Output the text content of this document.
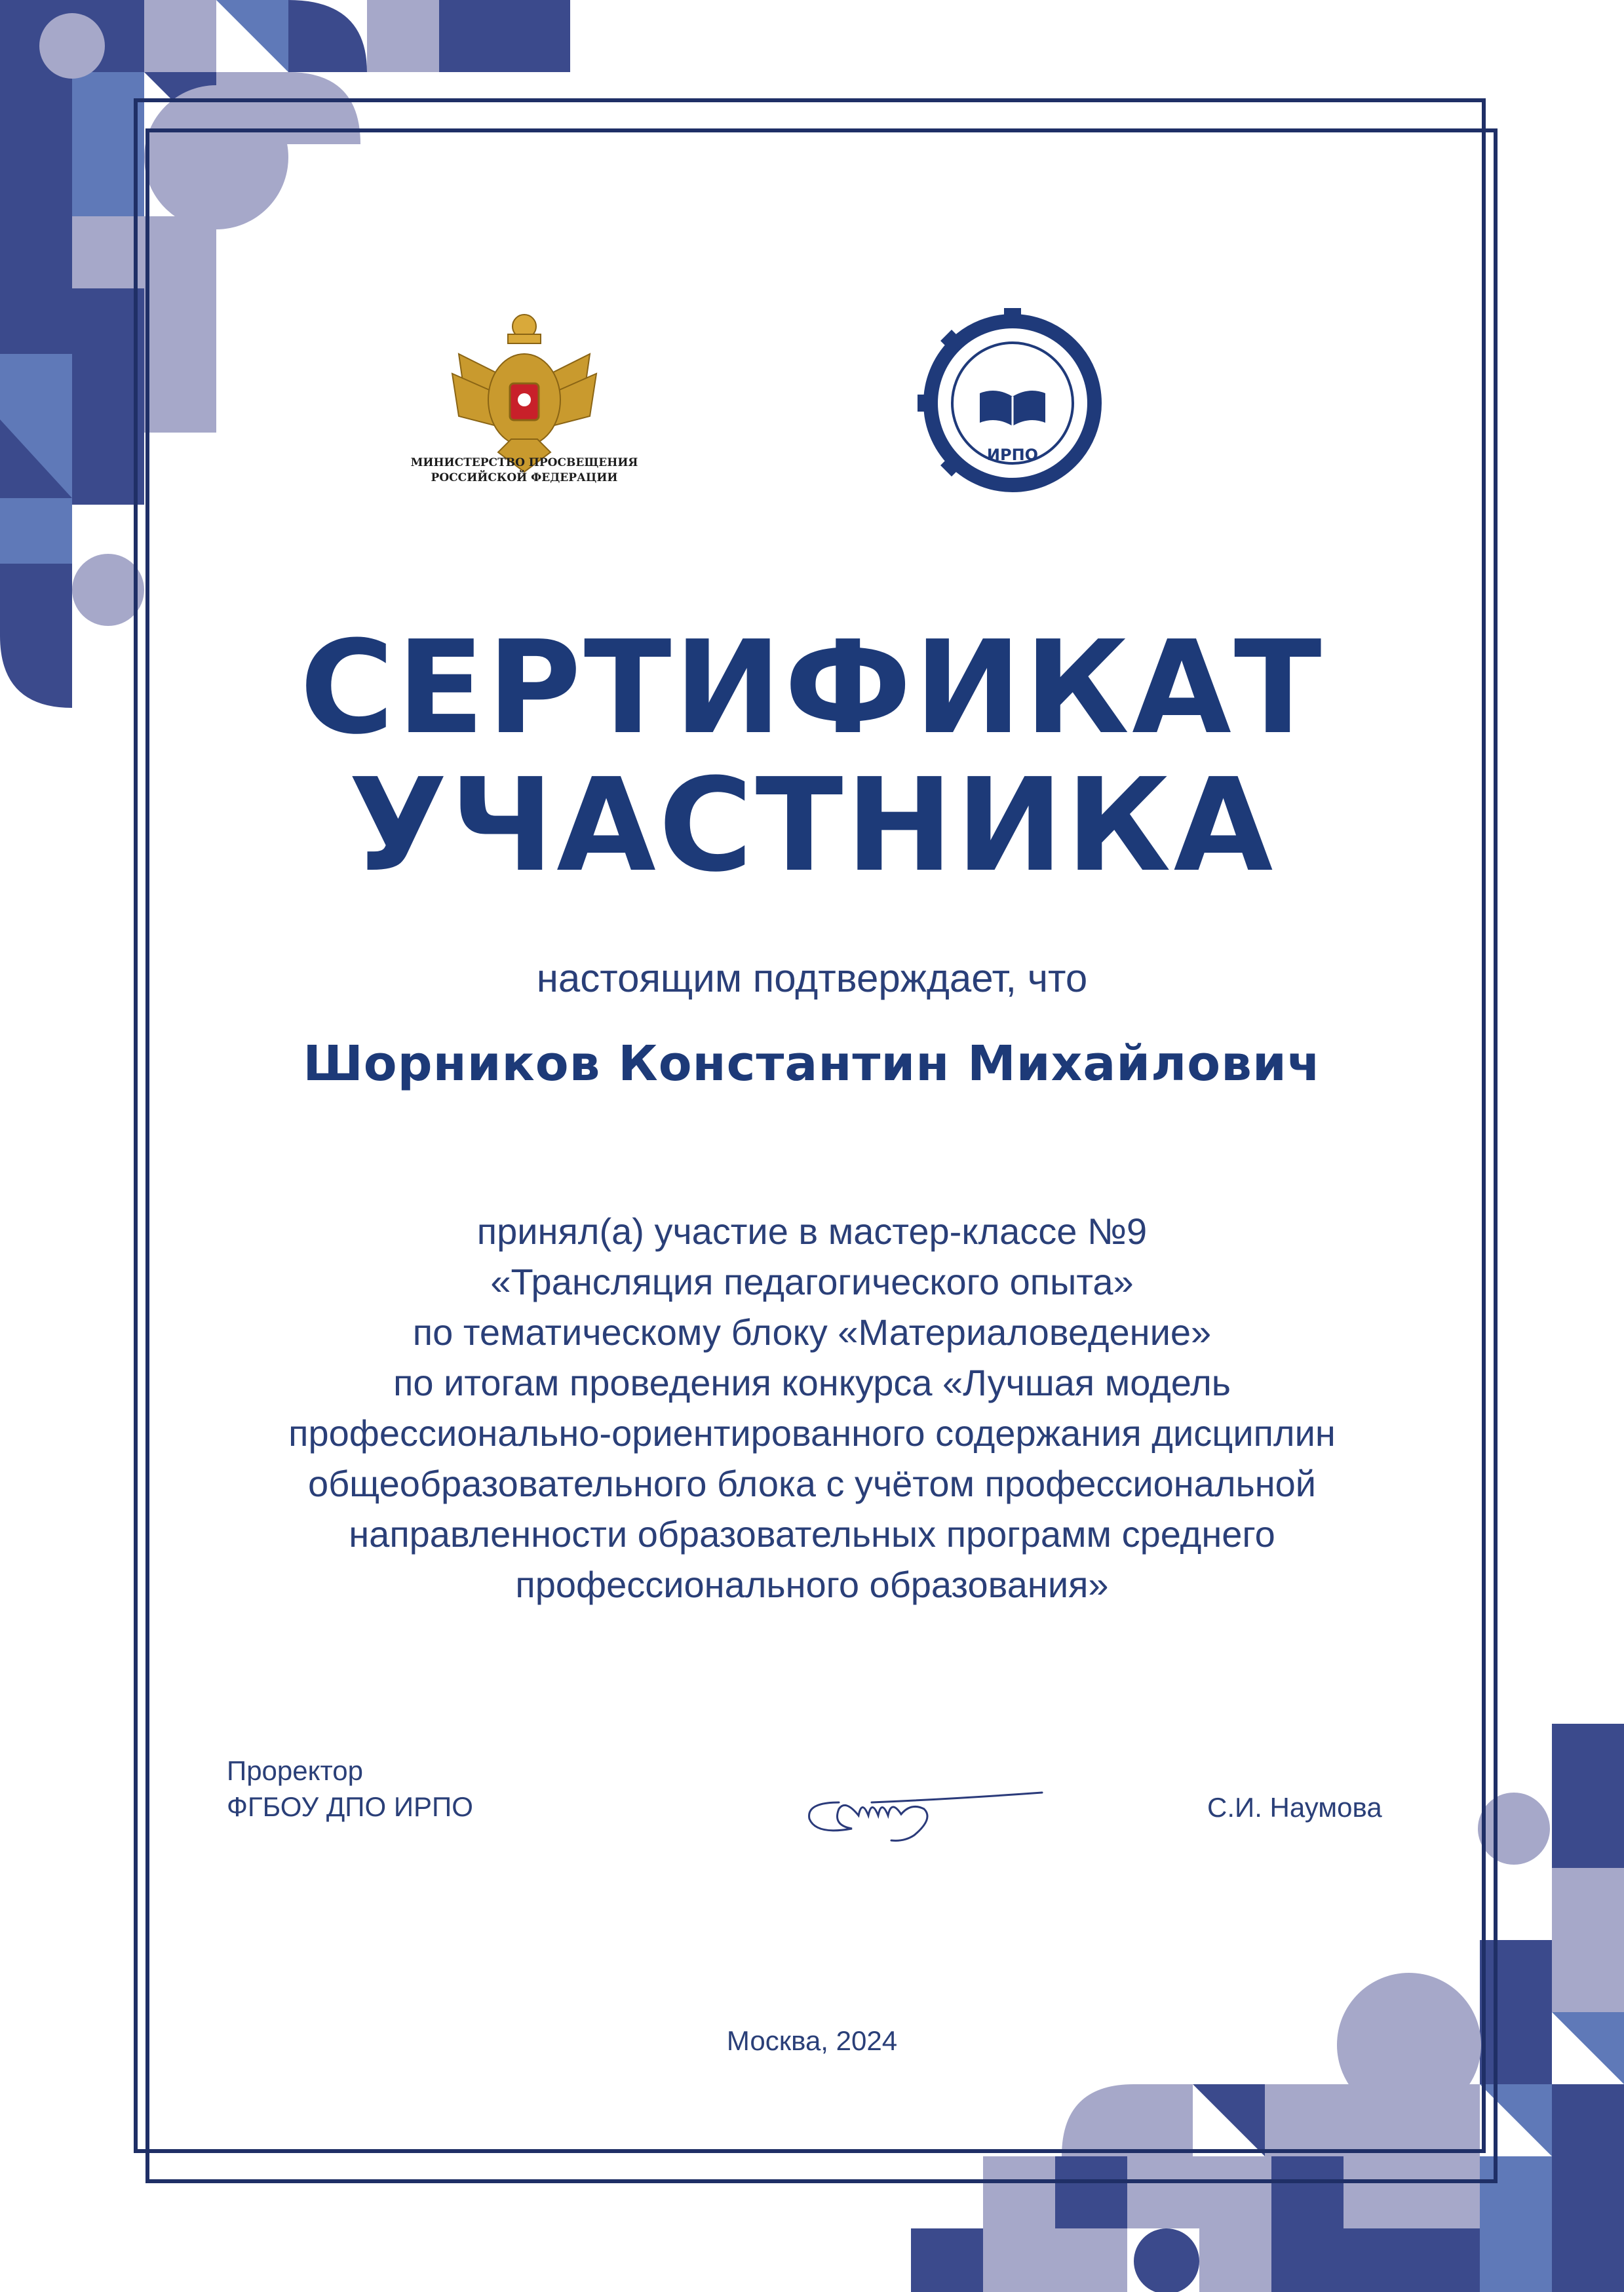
МИНИСТЕРСТВО ПРОСВЕЩЕНИЯ
РОССИЙСКОЙ ФЕДЕРАЦИИ
ИРПО
СЕРТИФИКАТ
УЧАСТНИКА
настоящим подтверждает, что
Шорников Константин Михайлович
принял(а) участие в мастер-классе №9
«Трансляция педагогического опыта»
по тематическому блоку «Материаловедение»
по итогам проведения конкурса «Лучшая модель
профессионально-ориентированного содержания дисциплин
общеобразовательного блока с учётом профессиональной
направленности образовательных программ среднего
профессионального образования»
Проректор
ФГБОУ ДПО ИРПО	С.И. Наумова
Москва, 2024
